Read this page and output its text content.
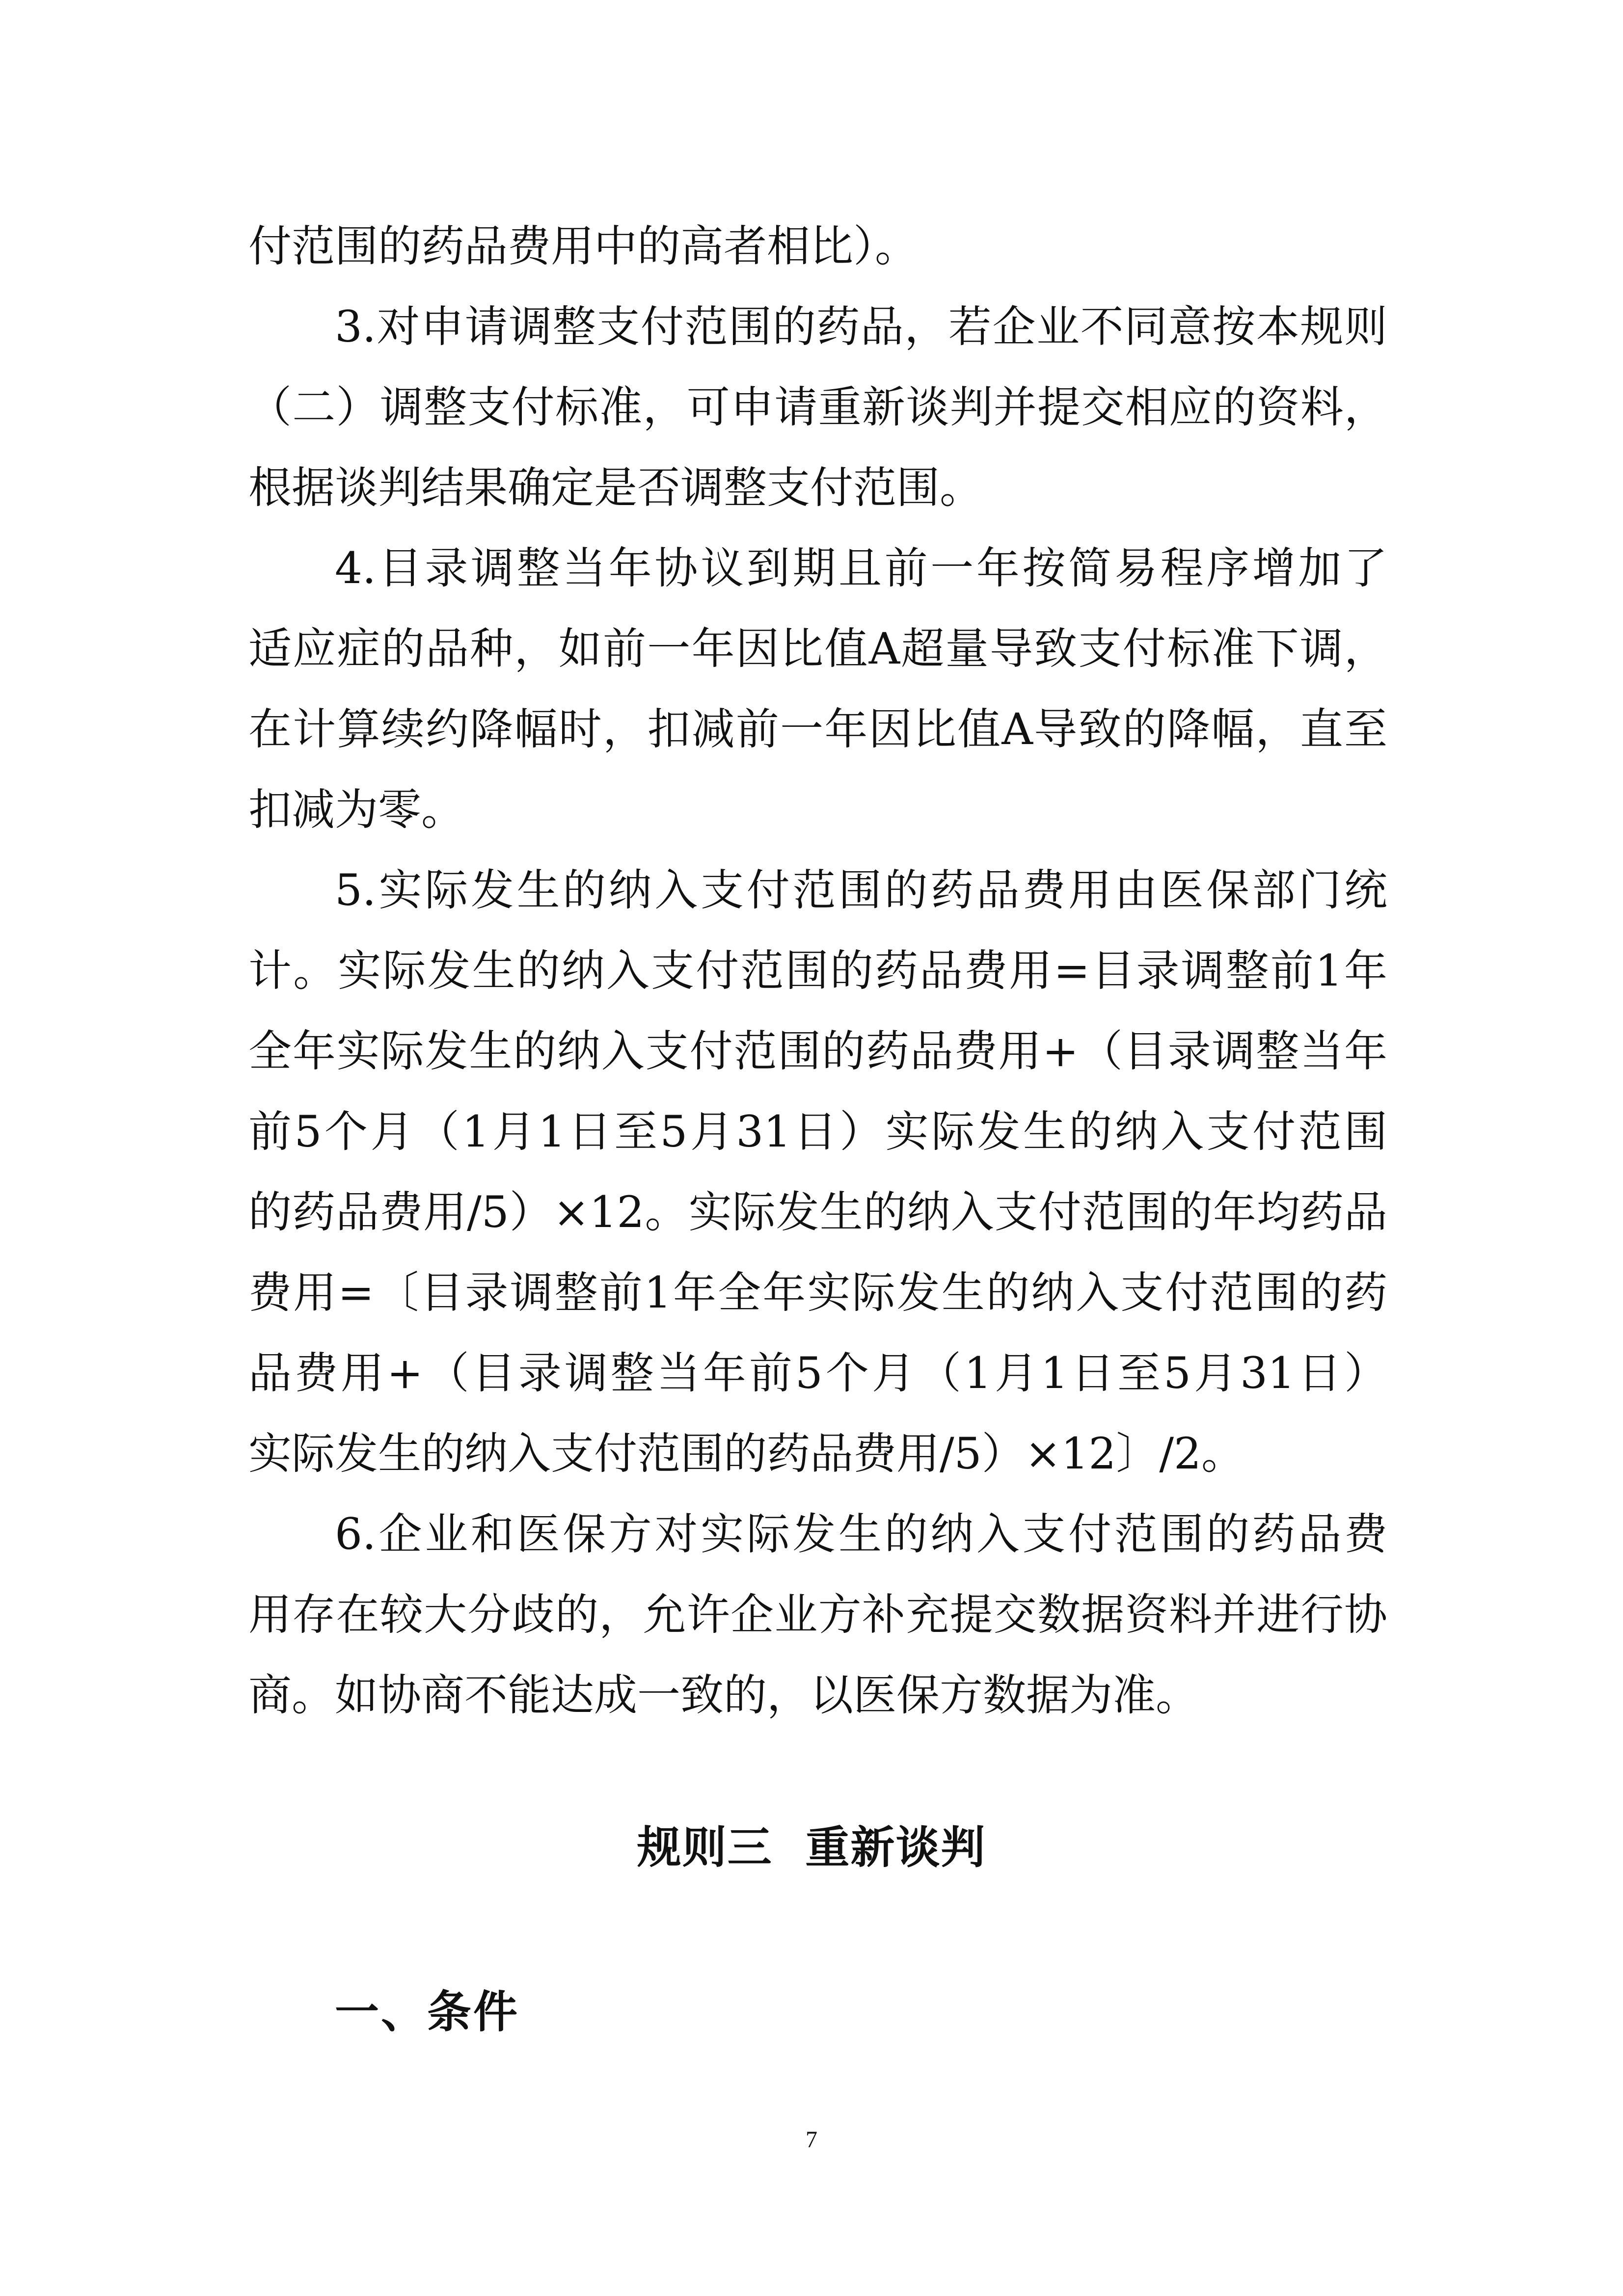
付范围的药品费用中的高者相比）。
3.对申请调整支付范围的药品，若企业不同意按本规则
（二）调整支付标准，可申请重新谈判并提交相应的资料，
根据谈判结果确定是否调整支付范围。
4.目录调整当年协议到期且前一年按简易程序增加了
适应症的品种，如前一年因比值A超量导致支付标准下调，
在计算续约降幅时，扣减前一年因比值A导致的降幅，直至
扣减为零。
5.实际发生的纳入支付范围的药品费用由医保部门统
计。实际发生的纳入支付范围的药品费用=目录调整前1年
全年实际发生的纳入支付范围的药品费用+（目录调整当年
前5个月（1月1日至5月31日）实际发生的纳入支付范围
的药品费用/5）×12。实际发生的纳入支付范围的年均药品
费用=〔目录调整前1年全年实际发生的纳入支付范围的药
品费用+（目录调整当年前5个月（1月1日至5月31日）
实际发生的纳入支付范围的药品费用/5）×12〕/2。
6.企业和医保方对实际发生的纳入支付范围的药品费
用存在较大分歧的，允许企业方补充提交数据资料并进行协
商。如协商不能达成一致的，以医保方数据为准。
规则三  重新谈判
一、条件
7
